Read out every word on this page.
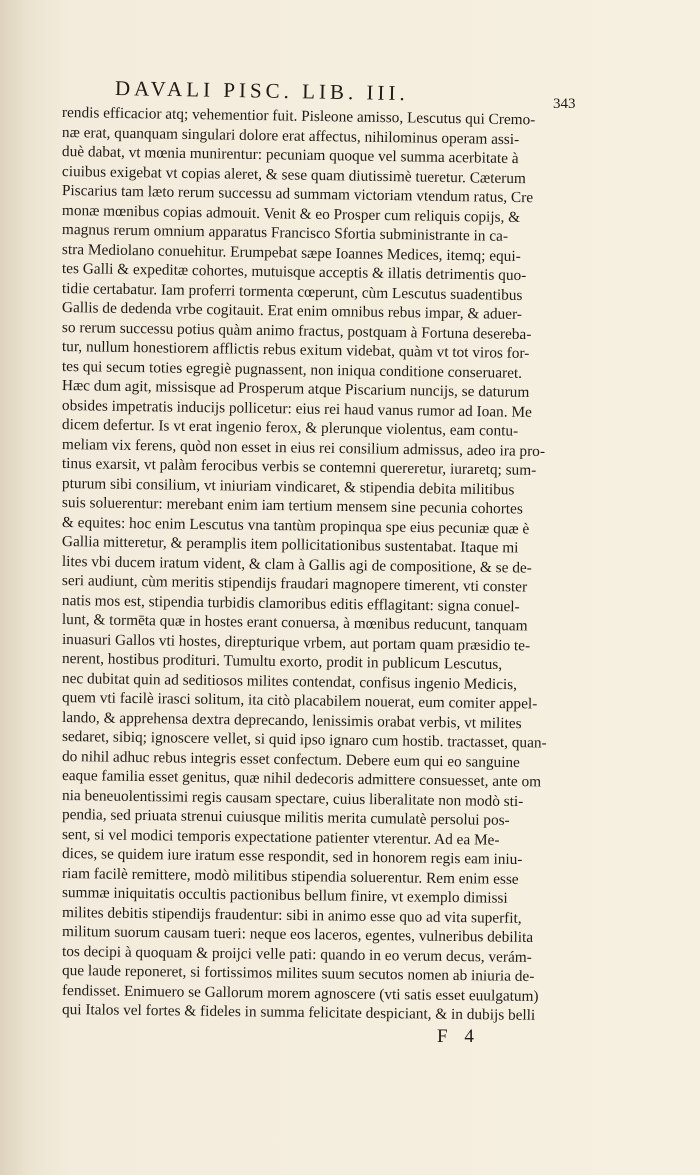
DAVALI PISC. LIB. III.	343
rendis efficacior atq; vehementior fuit. Pisleone amisso, Lescutus qui Cremo-
næ erat, quanquam singulari dolore erat affectus, nihilominus operam assi-
duè dabat, vt mœnia munirentur: pecuniam quoque vel summa acerbitate à
ciuibus exigebat vt copias aleret, & sese quam diutissimè tueretur. Cæterum
Piscarius tam læto rerum successu ad summam victoriam vtendum ratus, Cre
monæ mœnibus copias admouit. Venit & eo Prosper cum reliquis copijs, &
magnus rerum omnium apparatus Francisco Sfortia subministrante in ca-
stra Mediolano conuehitur. Erumpebat sæpe Ioannes Medices, itemq; equi-
tes Galli & expeditæ cohortes, mutuisque acceptis & illatis detrimentis quo-
tidie certabatur. Iam proferri tormenta cœperunt, cùm Lescutus suadentibus
Gallis de dedenda vrbe cogitauit. Erat enim omnibus rebus impar, & aduer-
so rerum successu potius quàm animo fractus, postquam à Fortuna desereba-
tur, nullum honestiorem afflictis rebus exitum videbat, quàm vt tot viros for-
tes qui secum toties egregiè pugnassent, non iniqua conditione conseruaret.
Hæc dum agit, missisque ad Prosperum atque Piscarium nuncijs, se daturum
obsides impetratis inducijs pollicetur: eius rei haud vanus rumor ad Ioan. Me
dicem defertur. Is vt erat ingenio ferox, & plerunque violentus, eam contu-
meliam vix ferens, quòd non esset in eius rei consilium admissus, adeo ira pro-
tinus exarsit, vt palàm ferocibus verbis se contemni quereretur, iuraretq; sum-
pturum sibi consilium, vt iniuriam vindicaret, & stipendia debita militibus
suis soluerentur: merebant enim iam tertium mensem sine pecunia cohortes
& equites: hoc enim Lescutus vna tantùm propinqua spe eius pecuniæ quæ è
Gallia mitteretur, & peramplis item pollicitationibus sustentabat. Itaque mi
lites vbi ducem iratum vident, & clam à Gallis agi de compositione, & se de-
seri audiunt, cùm meritis stipendijs fraudari magnopere timerent, vti conster
natis mos est, stipendia turbidis clamoribus editis efflagitant: signa conuel-
lunt, & tormēta quæ in hostes erant conuersa, à mœnibus reducunt, tanquam
inuasuri Gallos vti hostes, direpturique vrbem, aut portam quam præsidio te-
nerent, hostibus prodituri. Tumultu exorto, prodit in publicum Lescutus,
nec dubitat quin ad seditiosos milites contendat, confisus ingenio Medicis,
quem vti facilè irasci solitum, ita citò placabilem nouerat, eum comiter appel-
lando, & apprehensa dextra deprecando, lenissimis orabat verbis, vt milites
sedaret, sibiq; ignoscere vellet, si quid ipso ignaro cum hostib. tractasset, quan-
do nihil adhuc rebus integris esset confectum. Debere eum qui eo sanguine
eaque familia esset genitus, quæ nihil dedecoris admittere consuesset, ante om
nia beneuolentissimi regis causam spectare, cuius liberalitate non modò sti-
pendia, sed priuata strenui cuiusque militis merita cumulatè persolui pos-
sent, si vel modici temporis expectatione patienter vterentur. Ad ea Me-
dices, se quidem iure iratum esse respondit, sed in honorem regis eam iniu-
riam facilè remittere, modò militibus stipendia soluerentur. Rem enim esse
summæ iniquitatis occultis pactionibus bellum finire, vt exemplo dimissi
milites debitis stipendijs fraudentur: sibi in animo esse quo ad vita superfit,
militum suorum causam tueri: neque eos laceros, egentes, vulneribus debilita
tos decipi à quoquam & proijci velle pati: quando in eo verum decus, verám-
que laude reponeret, si fortissimos milites suum secutos nomen ab iniuria de-
fendisset. Enimuero se Gallorum morem agnoscere (vti satis esset euulgatum)
qui Italos vel fortes & fideles in summa felicitate despiciant, & in dubijs belli
F 4
